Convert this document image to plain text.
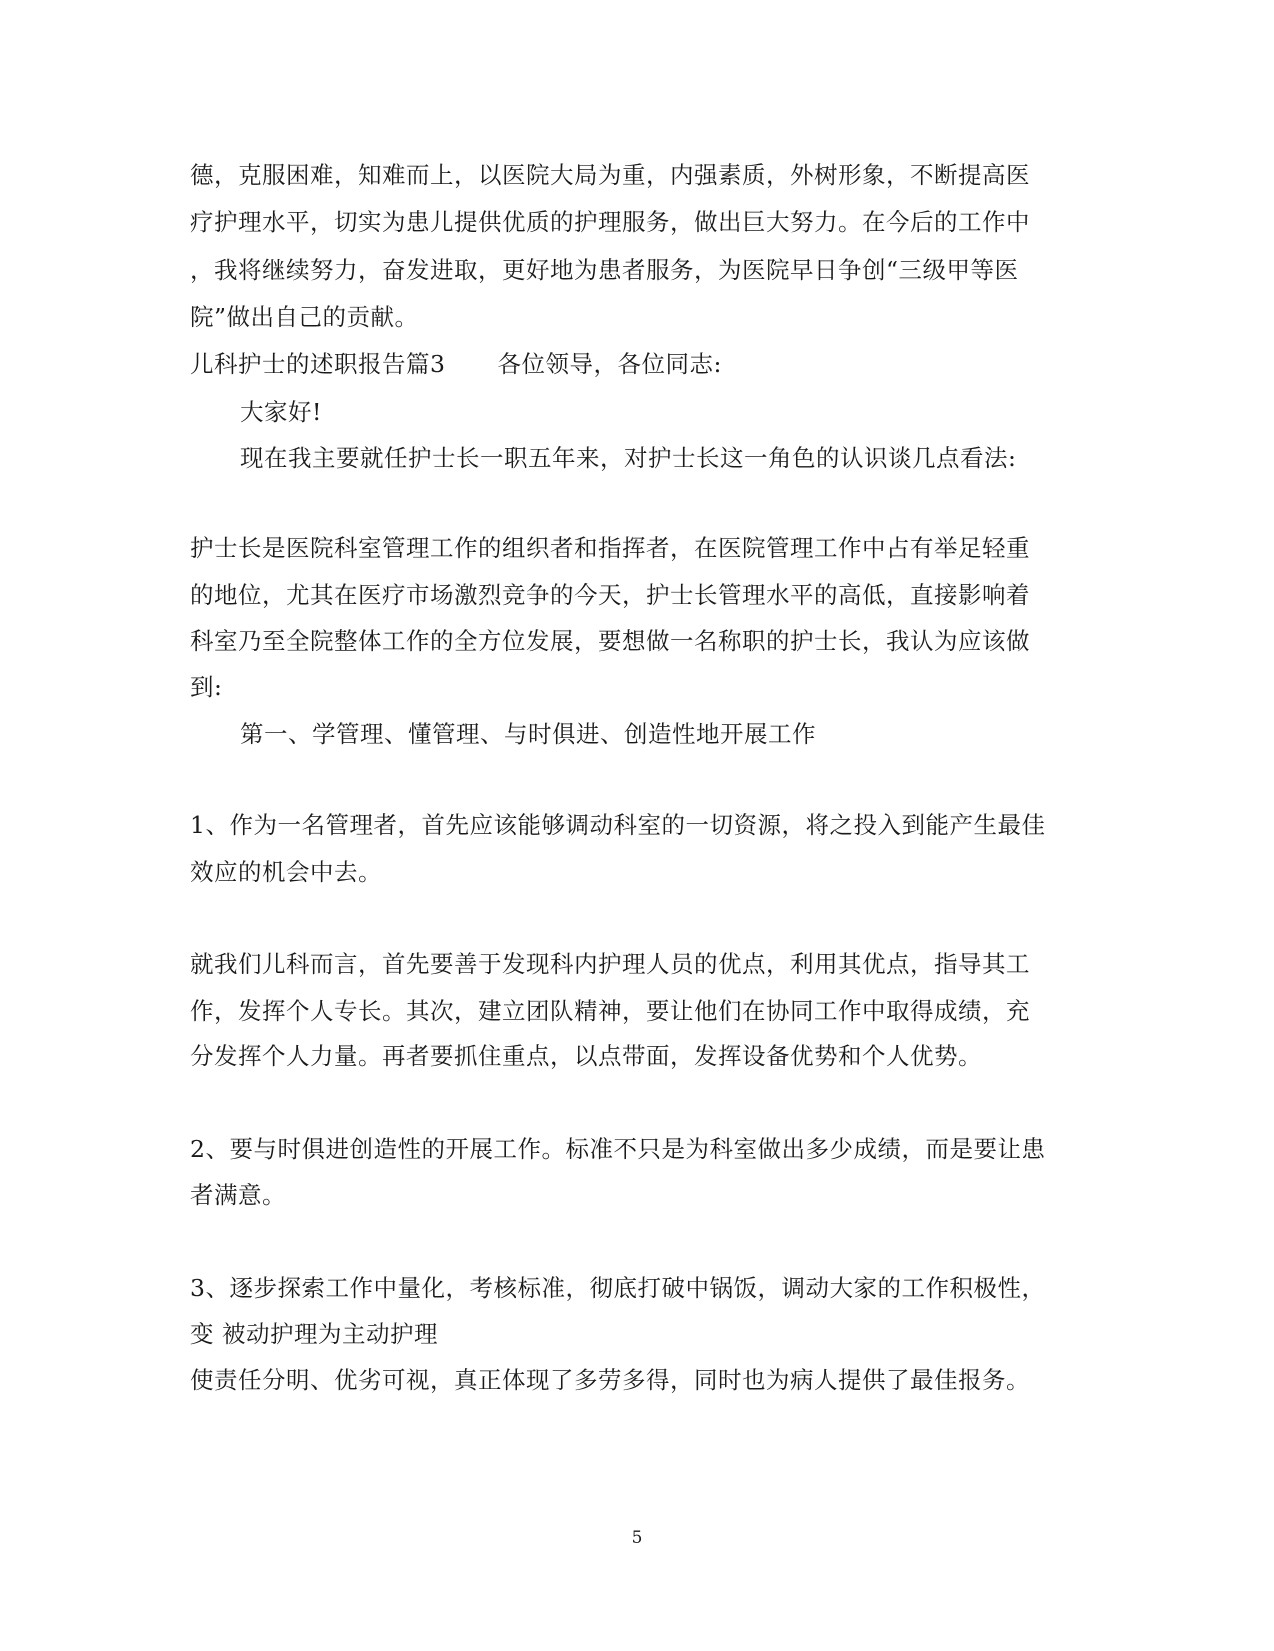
德，克服困难，知难而上，以医院大局为重，内强素质，外树形象，不断提高医
疗护理水平，切实为患儿提供优质的护理服务，做出巨大努力。在今后的工作中
，我将继续努力，奋发进取，更好地为患者服务，为医院早日争创“三级甲等医
院”做出自己的贡献。
儿科护士的述职报告篇3 各位领导，各位同志:
大家好!
现在我主要就任护士长一职五年来，对护士长这一角色的认识谈几点看法:
护士长是医院科室管理工作的组织者和指挥者，在医院管理工作中占有举足轻重
的地位，尤其在医疗市场激烈竞争的今天，护士长管理水平的高低，直接影响着
科室乃至全院整体工作的全方位发展，要想做一名称职的护士长，我认为应该做
到:
第一、学管理、懂管理、与时俱进、创造性地开展工作
1、作为一名管理者，首先应该能够调动科室的一切资源，将之投入到能产生最佳
效应的机会中去。
就我们儿科而言，首先要善于发现科内护理人员的优点，利用其优点，指导其工
作，发挥个人专长。其次，建立团队精神，要让他们在协同工作中取得成绩，充
分发挥个人力量。再者要抓住重点，以点带面，发挥设备优势和个人优势。
2、要与时俱进创造性的开展工作。标准不只是为科室做出多少成绩，而是要让患
者满意。
3、逐步探索工作中量化，考核标准，彻底打破中锅饭，调动大家的工作积极性，
变 被动护理为主动护理
使责任分明、优劣可视，真正体现了多劳多得，同时也为病人提供了最佳报务。
5
